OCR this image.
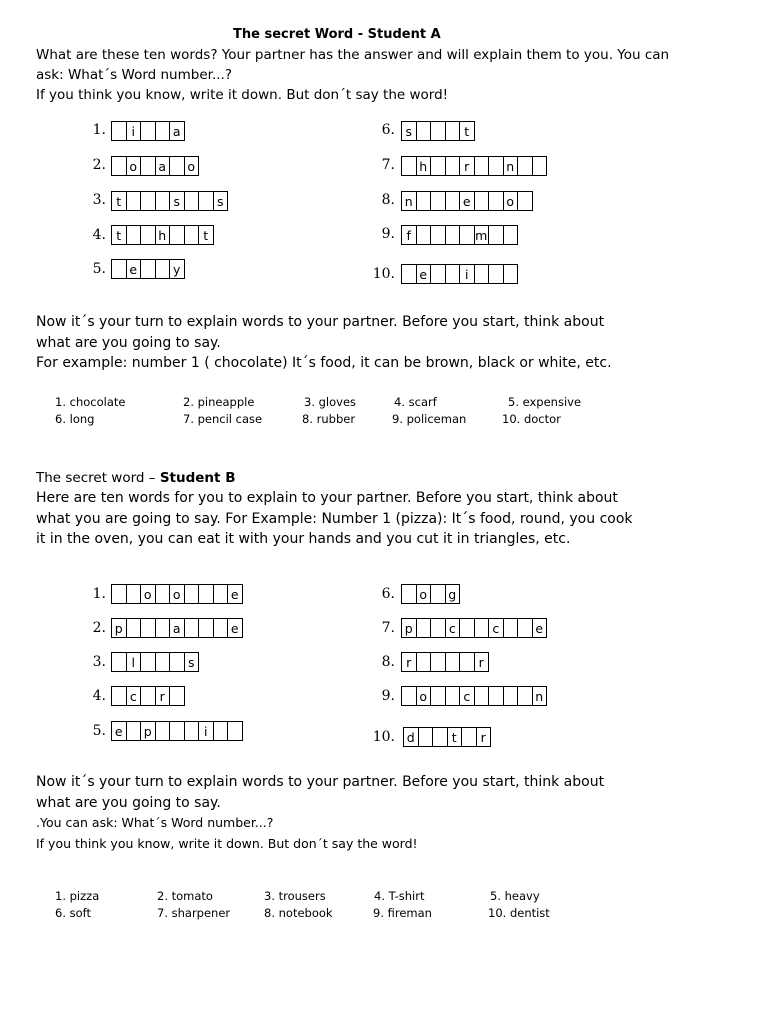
The secret Word - Student A
What are these ten words? Your partner has the answer and will explain them to you. You can
ask: What´s Word number...?
If you think you know, write it down. But don´t say the word!
1.	i	a
2.	o	a	o
3. t	s	s
4. t	h	t
5.	e	y
6. s	t
7.	h	r	n
8. n	e	o
9. f	m
10.	e	i
Now it´s your turn to explain words to your partner. Before you start, think about
what are you going to say.
For example: number 1 ( chocolate) It´s food, it can be brown, black or white, etc.
1. chocolate	2. pineapple	3. gloves	4. scarf	5. expensive
6. long	7. pencil case	8. rubber	9. policeman	10. doctor
The secret word – Student B
Here are ten words for you to explain to your partner. Before you start, think about
what you are going to say. For Example: Number 1 (pizza): It´s food, round, you cook
it in the oven, you can eat it with your hands and you cut it in triangles, etc.
1.	o	o	e
2. p	a	e
3.	l	s
4.	c	r
5. e	p	i
6.	o	g
7. p	c	c	e
8. r	r
9.	o	c	n
10. d	t	r
Now it´s your turn to explain words to your partner. Before you start, think about
what are you going to say.
.You can ask: What´s Word number...?
If you think you know, write it down. But don´t say the word!
1. pizza	2. tomato	3. trousers	4. T-shirt	5. heavy
6. soft	7. sharpener	8. notebook	9. fireman	10. dentist
